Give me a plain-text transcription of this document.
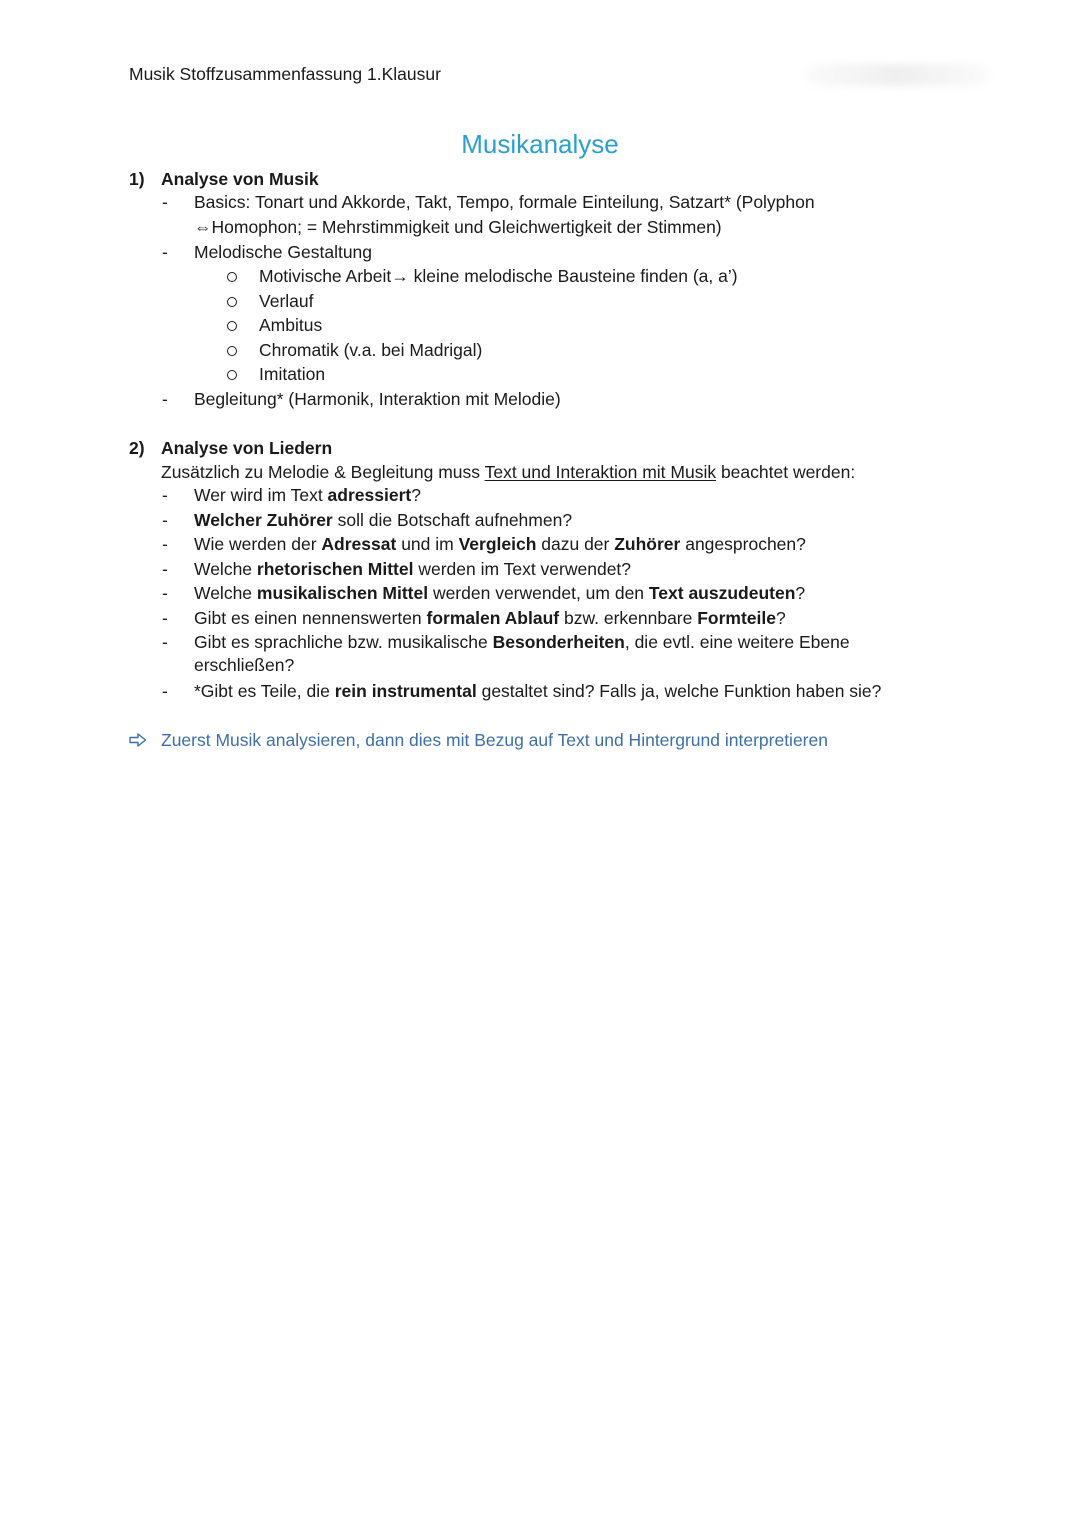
Musik Stoffzusammenfassung 1.Klausur
Musikanalyse
1) Analyse von Musik
- Basics: Tonart und Akkorde, Takt, Tempo, formale Einteilung, Satzart* (Polyphon
⇔Homophon; = Mehrstimmigkeit und Gleichwertigkeit der Stimmen)
- Melodische Gestaltung
Motivische Arbeit→ kleine melodische Bausteine finden (a, a’)
Verlauf
Ambitus
Chromatik (v.a. bei Madrigal)
Imitation
- Begleitung* (Harmonik, Interaktion mit Melodie)
2) Analyse von Liedern
Zusätzlich zu Melodie & Begleitung muss Text und Interaktion mit Musik beachtet werden:
- Wer wird im Text adressiert?
- Welcher Zuhörer soll die Botschaft aufnehmen?
- Wie werden der Adressat und im Vergleich dazu der Zuhörer angesprochen?
- Welche rhetorischen Mittel werden im Text verwendet?
- Welche musikalischen Mittel werden verwendet, um den Text auszudeuten?
- Gibt es einen nennenswerten formalen Ablauf bzw. erkennbare Formteile?
- Gibt es sprachliche bzw. musikalische Besonderheiten, die evtl. eine weitere Ebene
erschließen?
- *Gibt es Teile, die rein instrumental gestaltet sind? Falls ja, welche Funktion haben sie?
Zuerst Musik analysieren, dann dies mit Bezug auf Text und Hintergrund interpretieren
